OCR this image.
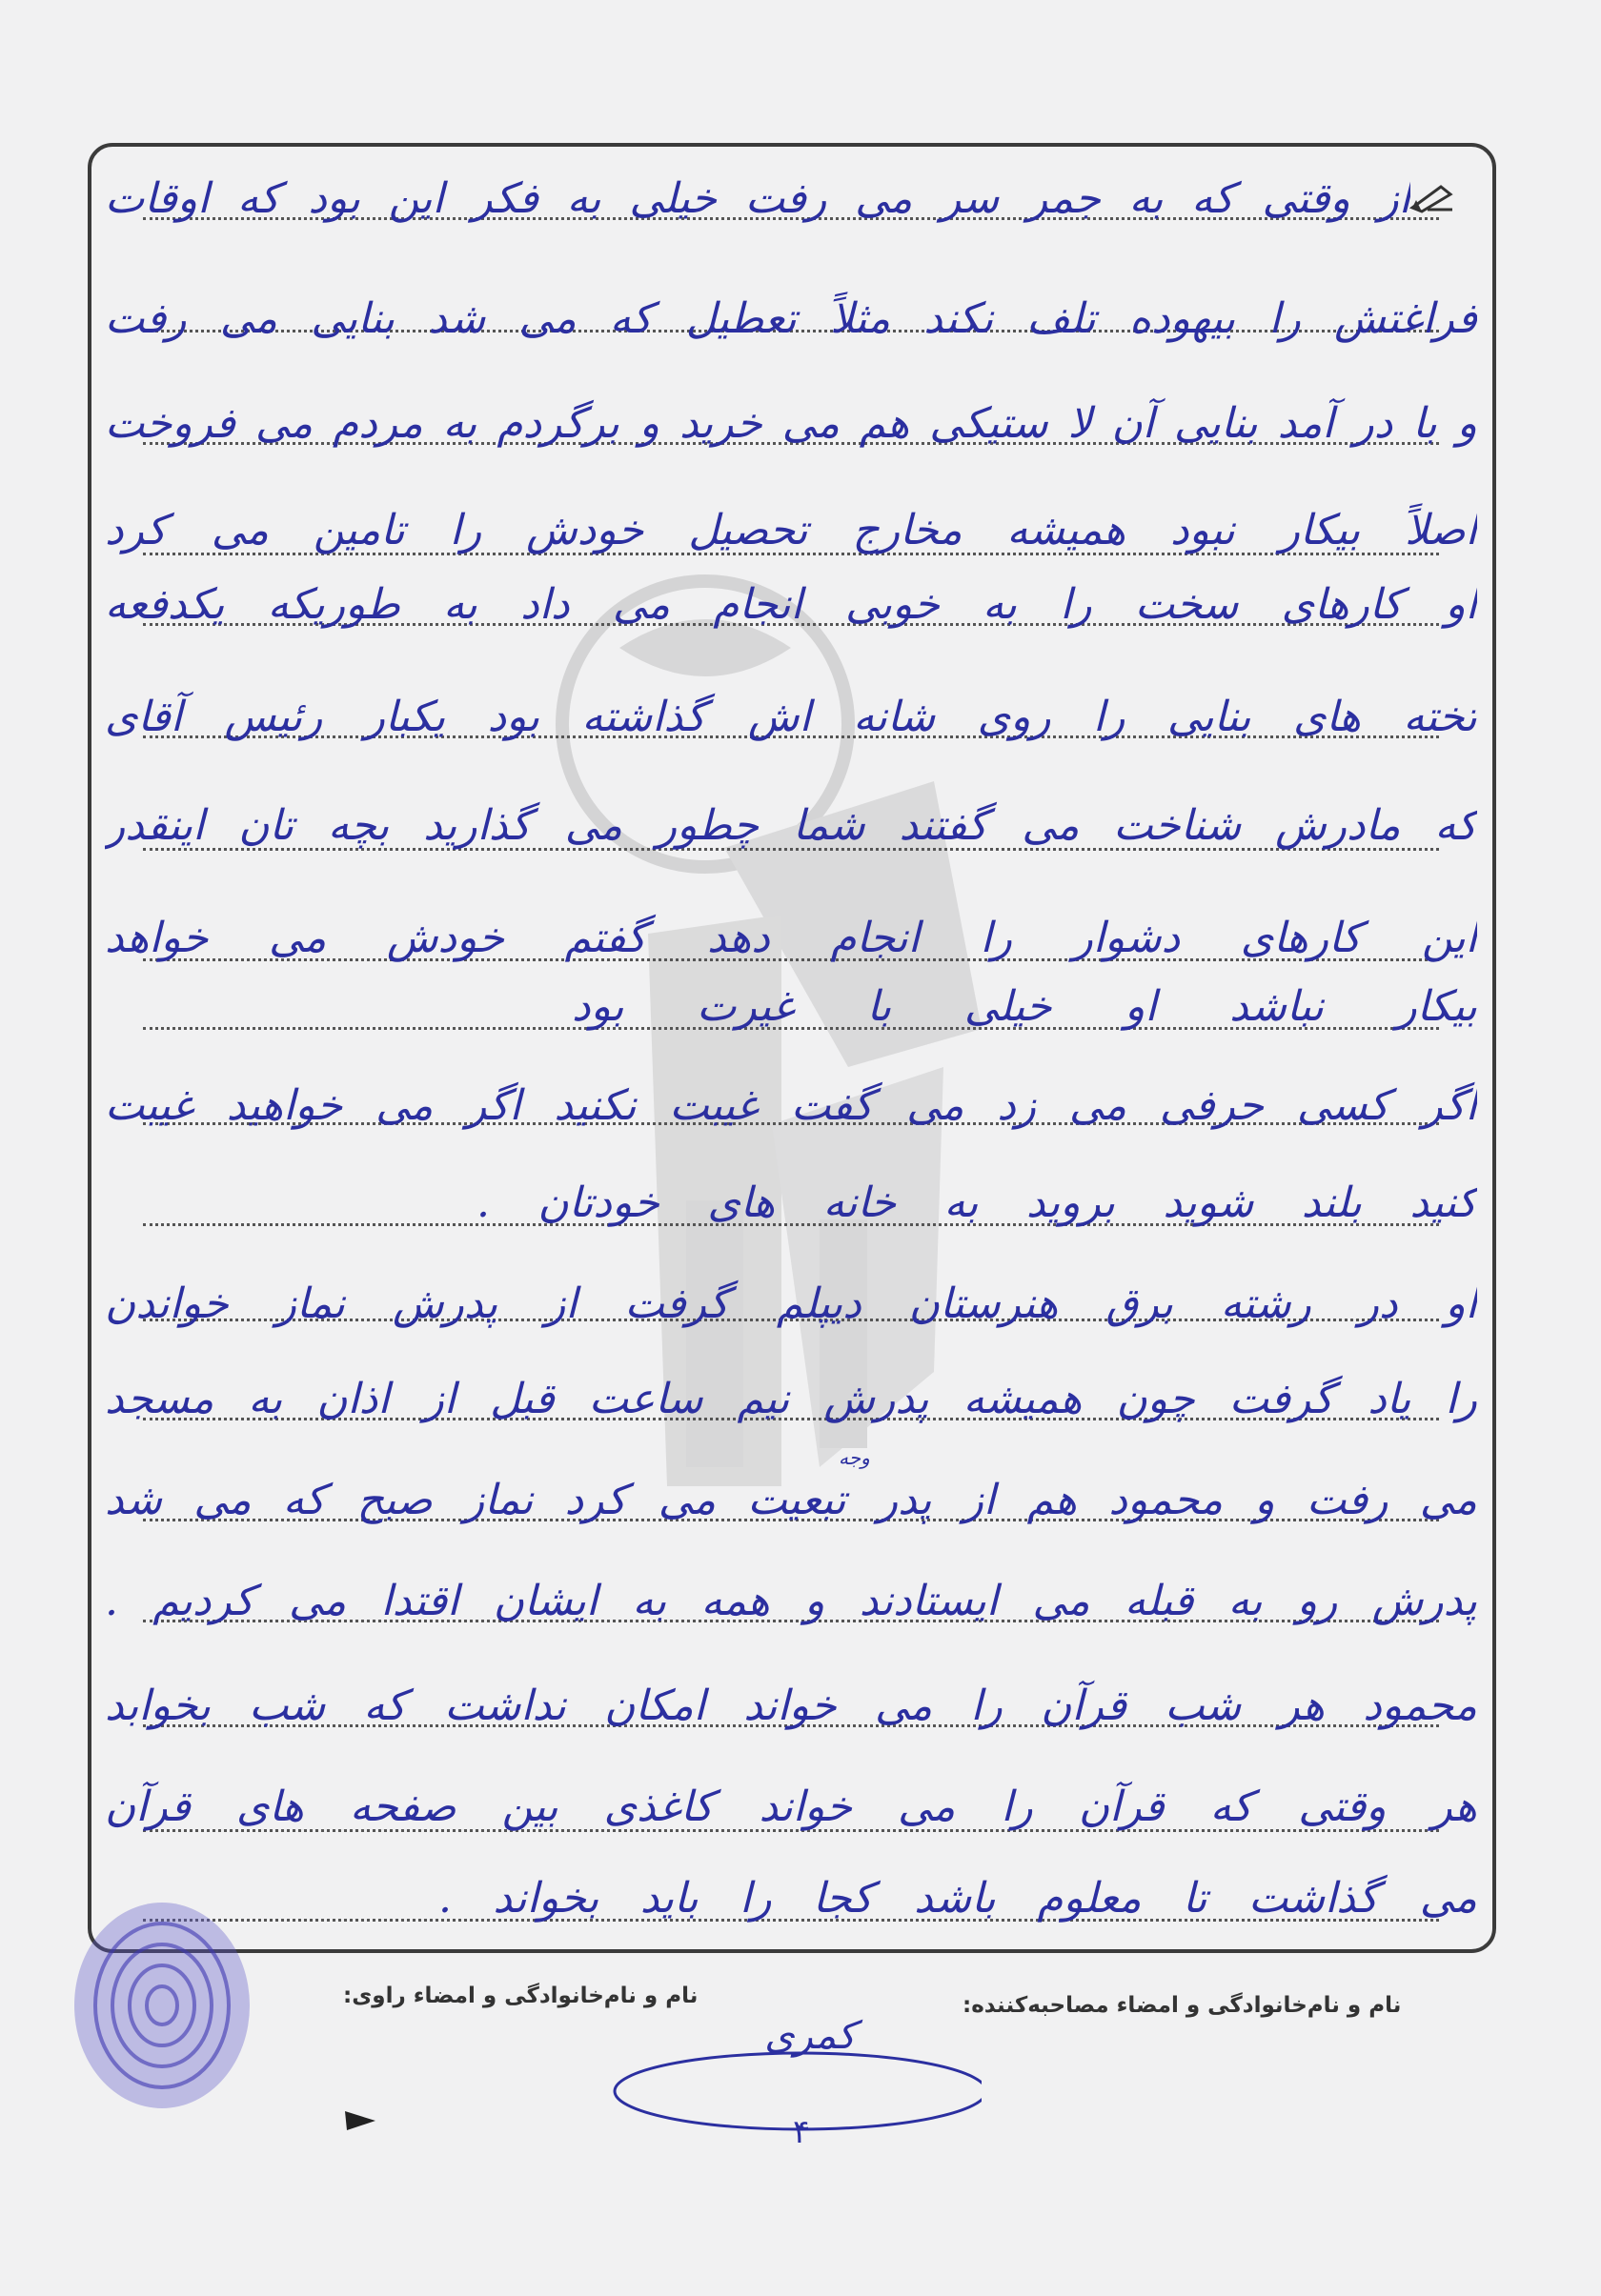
از وقتی که به جمر سر می رفت خیلی به فکر این بود که اوقات
فراغتش را بیهوده تلف نکند مثلاً تعطیل که می شد بنایی می رفت
و با در آمد بنایی آن لا ستیکی هم می خرید و برگردم به مردم می فروخت
اصلاً بیکار نبود همیشه مخارج تحصیل خودش را تامین می کرد
او کارهای سخت را به خوبی انجام می داد به طوریکه یکدفعه
تخته های بنایی را روی شانه اش گذاشته بود یکبار رئیس آقای
که مادرش شناخت می گفتند شما چطور می گذارید بچه تان اینقدر
این کارهای دشوار را انجام دهد گفتم خودش می خواهد
بیکار نباشد او خیلی با غیرت بود
اگر کسی حرفی می زد می گفت غیبت نکنید اگر می خواهید غیبت
کنید بلند شوید بروید به خانه های خودتان .
او در رشته برق هنرستان دیپلم گرفت از پدرش نماز خواندن
را یاد گرفت چون همیشه پدرش نیم ساعت قبل از اذان به مسجد
می رفت و محمود هم از پدر تبعیت می کرد نماز صبح که می شد
پدرش رو به قبله می ایستادند و همه به ایشان اقتدا می کردیم .
محمود هر شب قرآن را می خواند امکان نداشت که شب بخوابد
هر وقتی که قرآن را می خواند کاغذی بین صفحه های قرآن
می گذاشت تا معلوم باشد کجا را باید بخواند .
وجه
نام و نام‌خانوادگی و امضاء راوی:	نام و نام‌خانوادگی و امضاء مصاحبه‌کننده:
کمری
۴
